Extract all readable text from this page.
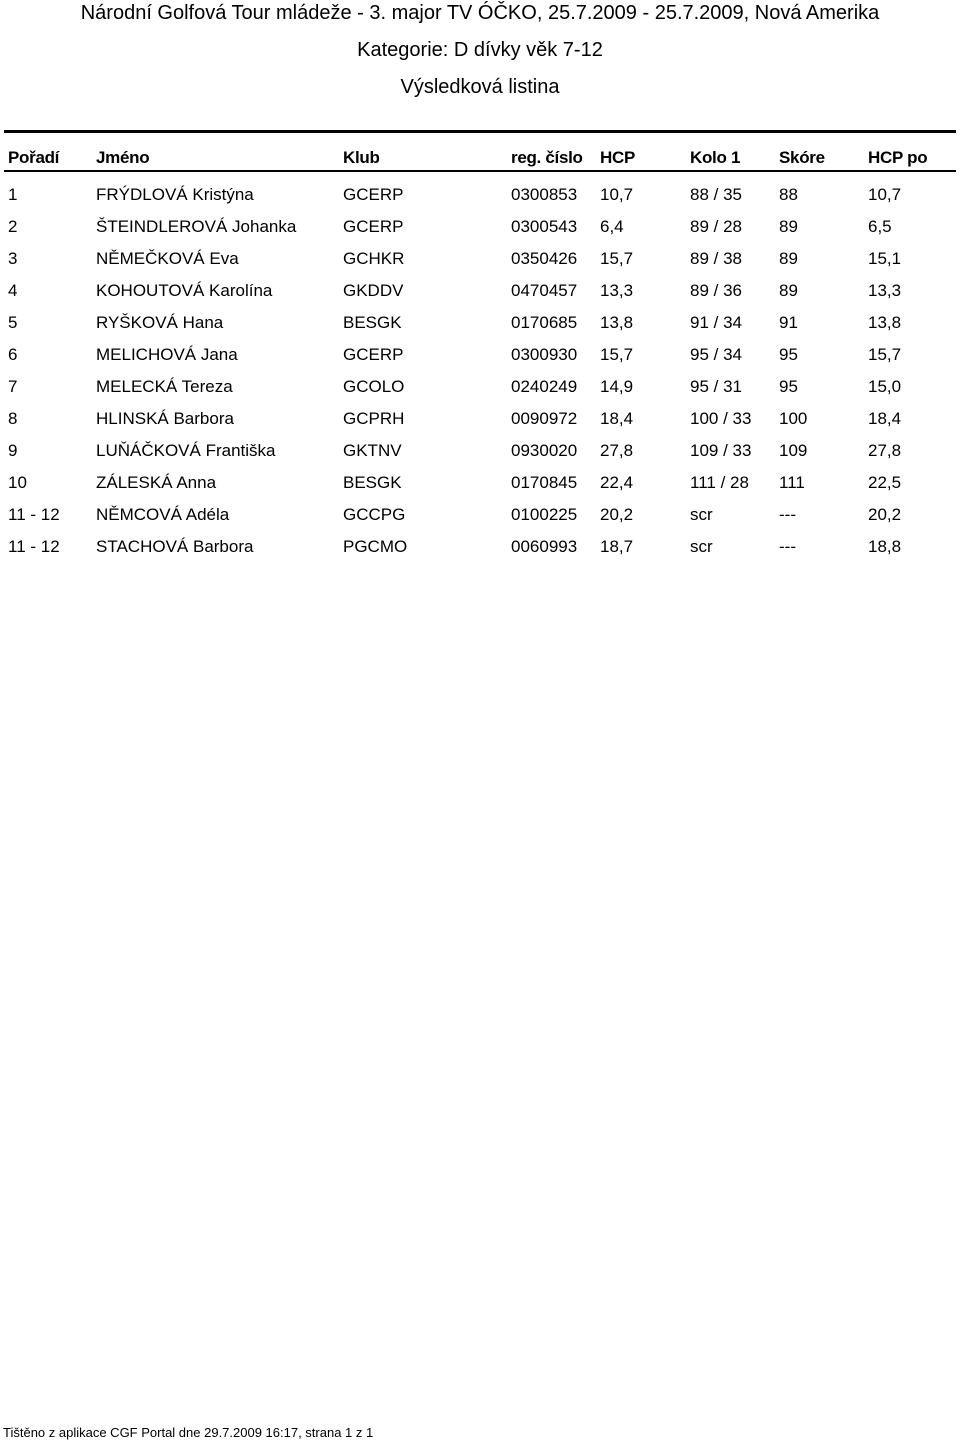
Národní Golfová Tour mládeže - 3. major TV ÓČKO, 25.7.2009 - 25.7.2009, Nová Amerika
Kategorie: D dívky věk 7-12
Výsledková listina
Pořadí Jméno	Klub	reg. číslo HCP	Kolo 1 Skóre	HCP po
1	FRÝDLOVÁ Kristýna	GCERP	0300853 10,7	88 / 35 88	10,7
2	ŠTEINDLEROVÁ Johanka	GCERP	0300543 6,4	89 / 28 89	6,5
3	NĚMEČKOVÁ Eva	GCHKR	0350426 15,7	89 / 38 89	15,1
4	KOHOUTOVÁ Karolína	GKDDV	0470457 13,3	89 / 36 89	13,3
5	RYŠKOVÁ Hana	BESGK	0170685 13,8	91 / 34 91	13,8
6	MELICHOVÁ Jana	GCERP	0300930 15,7	95 / 34 95	15,7
7	MELECKÁ Tereza	GCOLO	0240249 14,9	95 / 31 95	15,0
8	HLINSKÁ Barbora	GCPRH	0090972 18,4	100 / 33 100	18,4
9	LUŇÁČKOVÁ Františka	GKTNV	0930020 27,8	109 / 33 109	27,8
10	ZÁLESKÁ Anna	BESGK	0170845 22,4	111 / 28 111	22,5
11 - 12 NĚMCOVÁ Adéla	GCCPG	0100225 20,2	scr	---	20,2
11 - 12 STACHOVÁ Barbora	PGCMO	0060993 18,7	scr	---	18,8
Tištěno z aplikace CGF Portal dne 29.7.2009 16:17, strana 1 z 1
